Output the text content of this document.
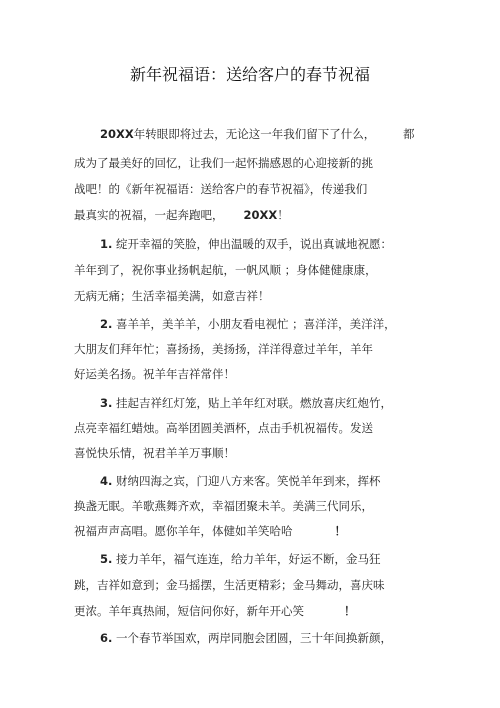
新年祝福语：送给客户的春节祝福
20XX年转眼即将过去，无论这一年我们留下了什么， 都
成为了最美好的回忆，让我们一起怀揣感恩的心迎接新的挑
战吧！的《新年祝福语：送给客户的春节祝福》，传递我们
最真实的祝福，一起奔跑吧， 20XX！
1. 绽开幸福的笑脸，伸出温暖的双手，说出真诚地祝愿：
羊年到了，祝你事业扬帆起航，一帆风顺 ；身体健健康康，
无病无痛；生活幸福美满，如意吉祥！
2. 喜羊羊，美羊羊，小朋友看电视忙 ；喜洋洋，美洋洋，
大朋友们拜年忙；喜扬扬，美扬扬，洋洋得意过羊年，羊年
好运美名扬。祝羊年吉祥常伴！
3. 挂起吉祥红灯笼，贴上羊年红对联。燃放喜庆红炮竹，
点亮幸福红蜡烛。高举团圆美酒杯，点击手机祝福传。发送
喜悦快乐情，祝君羊羊万事顺！
4. 财纳四海之宾，门迎八方来客。笑悦羊年到来，挥杯
换盏无眠。羊歌燕舞齐欢，幸福团聚未羊。美满三代同乐，
祝福声声高唱。愿你羊年，体健如羊笑哈哈	！
5. 接力羊年，福气连连，给力羊年，好运不断，金马狂
跳，吉祥如意到；金马摇摆，生活更精彩；金马舞动，喜庆味
更浓。羊年真热闹，短信问你好，新年开心笑	！
6. 一个春节举国欢，两岸同胞会团圆，三十年间换新颜，
